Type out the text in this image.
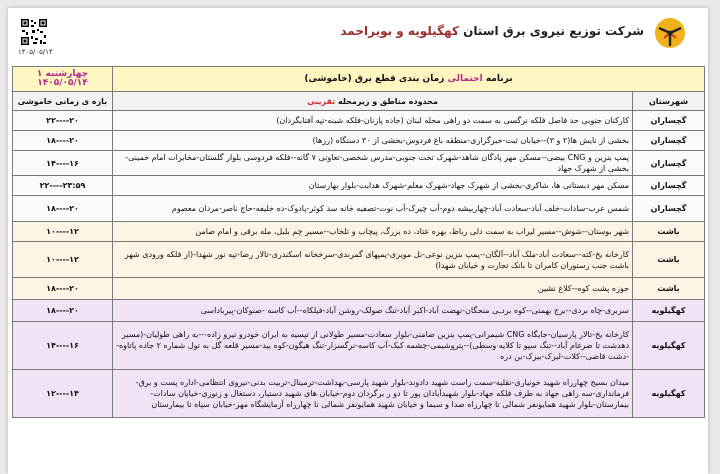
۱۴۰۵/۰۵/۱۴
شرکت توزیع نیروی برق استان کهگیلویه و بویراحمد
برنامه احتمالی زمان بندی قطع برق (خاموشی)		چهارشنبه ۱
۱۴۰۵/۰۵/۱۴

شهرستان	محدوده مناطق و زیرمحله تقریبی	بازه ی زمانی خاموشی
گچساران	کارکنان جنوبی حد فاصل فلکه نرگسی به سمت دو راهی محله لبنان (جاده پازنان-فلکه شبنه-تپه آفتابگردان)	۲۲----۲۰
گچساران	بخشی از نایش ها(۲ و ۳)--خیابان ثبت-خبرگزاری-منطقه باغ فردوس-بخشی از ۳۰ دستگاه (رزها)	۱۸----۲۰
گچساران	پمپ بنزین و CNG بیضی--مسکن مهر پادگان شاهد-شهرک تخت جنوبی-مدرس شخصی-تعاونی ۷ گانه--فلکه فردوسی بلوار گلستان-مخابرات امام خمینی-بخشی از شهرک جهاد	۱۴----۱۶
گچساران	مسکن مهر دبستانی ها، شاکری-بخشی از شهرک جهاد-شهرک معلم-شهرک هدایت-بلوار بهارستان	۲۲----۲۳:۵۹
گچساران	شمس عرب-سادات-خلف آباد-سعادت آباد-چهاربیشه دوم-آب چیرک-آب نوت-تصفیه خانه سد کوثر-پادوک-ده خلیفه-حاج ناصر-مردان معصوم	۱۸----۲۰
باشت	شهر بوستان--شوش--مسیر لیراب به سمت دلی رباط، بهره عتاد، ده بزرگ، پیچاب و تلخاب--مسیر چم بلبل، مله برقی و امام ضامن	۱۰----۱۲
باشت	کارخانه یخ-کته--سعادت آباد-ملک آباد--آلگان--پمپ بنزین نوعی-نل مویزی-پمپهای گمرندی-سرخخانه اسکندری-تالار رضا-تپه نور شهدا-(از فلکه ورودی شهر باشت جنب رستوران کامران تا بانک تجارت و خیابان شهدا)	۱۰----۱۲
باشت	حوزه پشت کوه--کلاغ نشین	۱۸----۲۰
کهگیلویه	سربری-چاه بردی--برج بهمنی--کوه بردـی منجگان-نهضت آباد-اکبر آباد-تنگ صولک-روشن آباد-فیلکاه--آب کاسه -صنوکان-پیرباداسی	۱۸----۲۰
کهگیلویه	کارخانه یخ-تالار پارسیان-جایگاه CNG شیمرانی-پمپ بنزین ضامنی-بلوار سعادت-مسیر طولانی از تپسیه به ایران خودرو تیرو زاده---به راهی طولیان-(مسیر دهدشت تا ضرغام آباد--تنگ سپو تا کلایه وسطی)--پتروشیمی-چشمه کبک-آب کاسه-نرگسزار-تنگ هیگون-کوه بید-مسیر قلعه گل به تول شماره ۲ جاده پاتاوه--دشت قاضی--کلات-لیرک-بیزک-بن دره	۱۴----۱۶
کهگیلویه	میدان بسیج چهارراه شهید خونیاری-نقلیه-سمت راست شهید دادوند-بلوار شهید پارسی-بهداشت-ترمینال-تربیت بدنی-نیروی انتظامی-اداره پست و برق-فرمانداری-سه راهی جهاد به طرف فلکه جهاد-بلوار شهیدآبادان پور تا دو ر برگردان دوم-خیابان های شهید دستیار، دستغال و زنوزی-خیابان سادات-بیمارستان-بلوار شهید همایونفر شمالی تا چهارراه صدا و سیما و خیابان شهید همایونفر شمالی تا چهارراه آزمایشگاه مهر-خیابان سپاه تا بیمارستان	۱۲----۱۴
